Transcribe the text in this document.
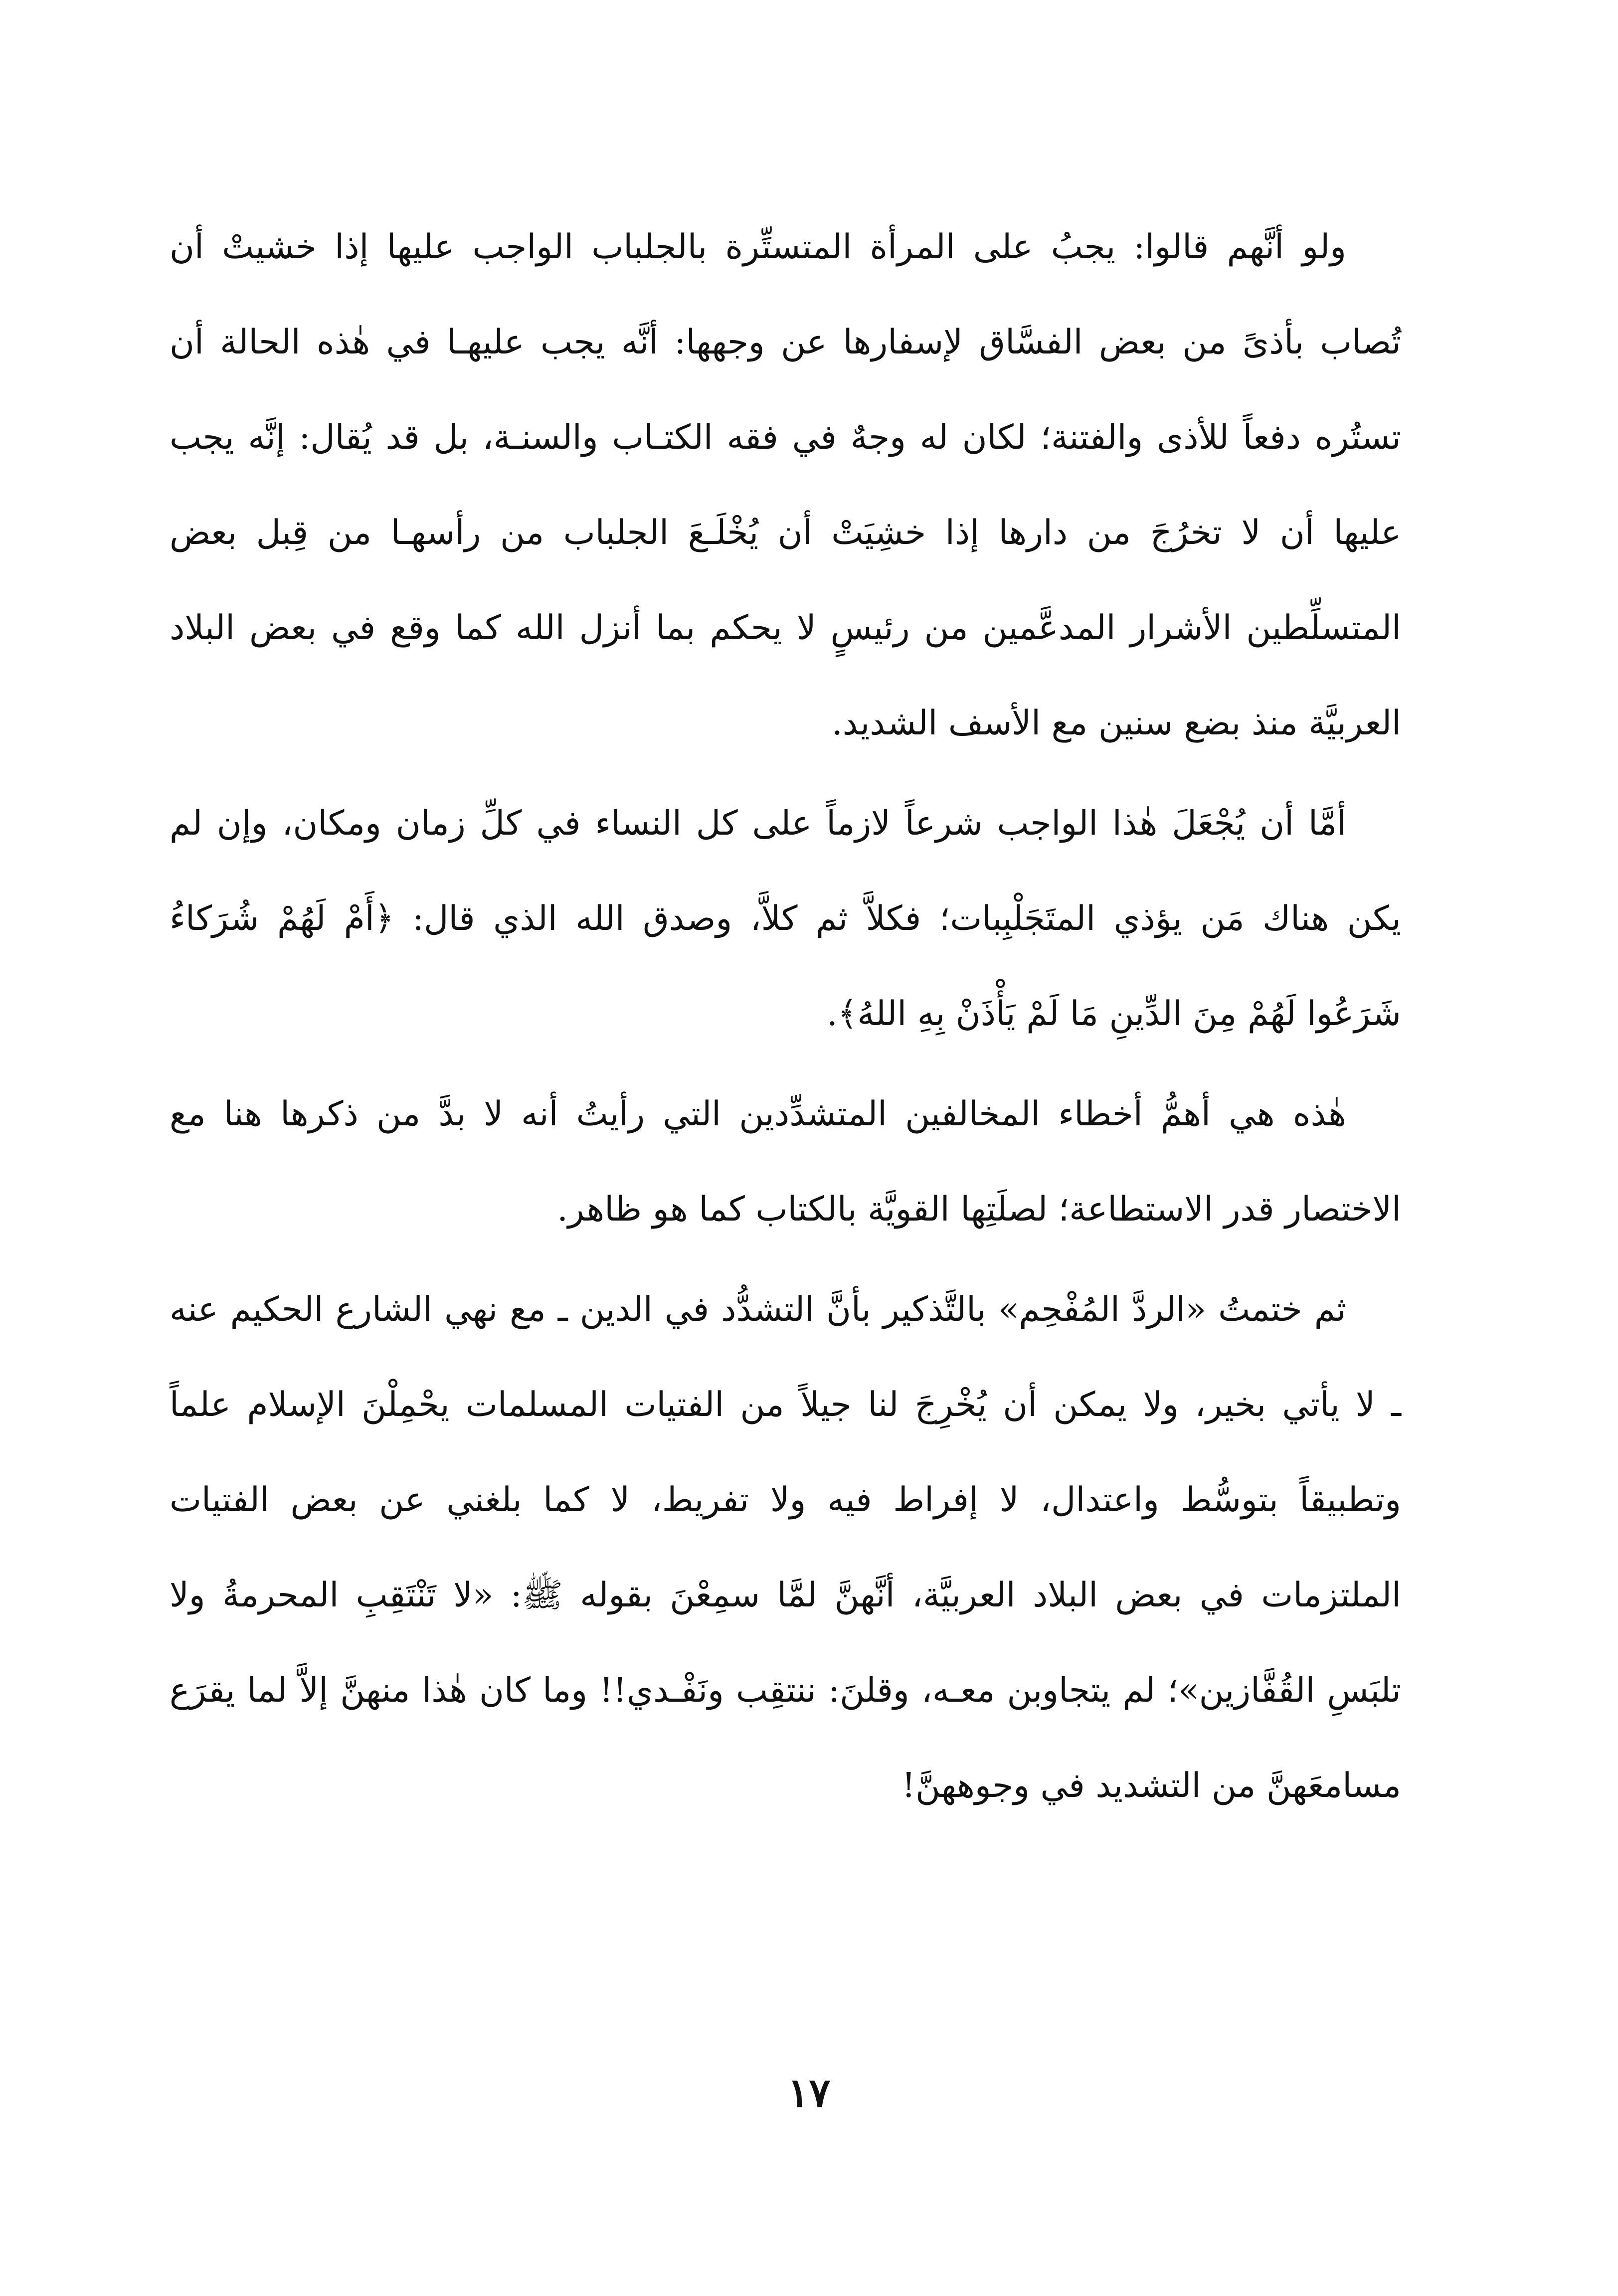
ولو أنَّهم قالوا: يجبُ على المرأة المتستِّرة بالجلباب الواجب عليها إذا خشيتْ أن تُصاب بأذىً من بعض الفسَّاق لإسفارها عن وجهها: أنَّه يجب عليهـا في هٰذه الحالة أن تستُره دفعاً للأذى والفتنة؛ لكان له وجهٌ في فقه الكتـاب والسنـة، بل قد يُقال: إنَّه يجب عليها أن لا تخرُجَ من دارها إذا خشِيَتْ أن يُخْلَـعَ الجلباب من رأسهـا من قِبل بعض المتسلِّطين الأشرار المدعَّمين من رئيسٍ لا يحكم بما أنزل الله كما وقع في بعض البلاد العربيَّة منذ بضع سنين مع الأسف الشديد.

أمَّا أن يُجْعَلَ هٰذا الواجب شرعاً لازماً على كل النساء في كلِّ زمان ومكان، وإن لم يكن هناك مَن يؤذي المتَجَلْبِبات؛ فكلاَّ ثم كلاَّ، وصدق الله الذي قال: ﴿أَمْ لَهُمْ شُرَكاءُ شَرَعُوا لَهُمْ مِنَ الدِّينِ مَا لَمْ يَأْذَنْ بِهِ اللهُ﴾.

هٰذه هي أهمُّ أخطاء المخالفين المتشدِّدين التي رأيتُ أنه لا بدَّ من ذكرها هنا مع الاختصار قدر الاستطاعة؛ لصلَتِها القويَّة بالكتاب كما هو ظاهر.

ثم ختمتُ «الردَّ المُفْحِم» بالتَّذكير بأنَّ التشدُّد في الدين ـ مع نهي الشارع الحكيم عنه ـ لا يأتي بخير، ولا يمكن أن يُخْرِجَ لنا جيلاً من الفتيات المسلمات يحْمِلْنَ الإسلام علماً وتطبيقاً بتوسُّط واعتدال، لا إفراط فيه ولا تفريط، لا كما بلغني عن بعض الفتيات الملتزمات في بعض البلاد العربيَّة، أنَّهنَّ لمَّا سمِعْنَ بقوله ﷺ: «لا تَنْتَقِبِ المحرمةُ ولا تلبَسِ القُفَّازين»؛ لم يتجاوبن معـه، وقلنَ: ننتقِب ونَفْـدي!! وما كان هٰذا منهنَّ إلاَّ لما يقرَع مسامعَهنَّ من التشديد في وجوههنَّ!

١٧
